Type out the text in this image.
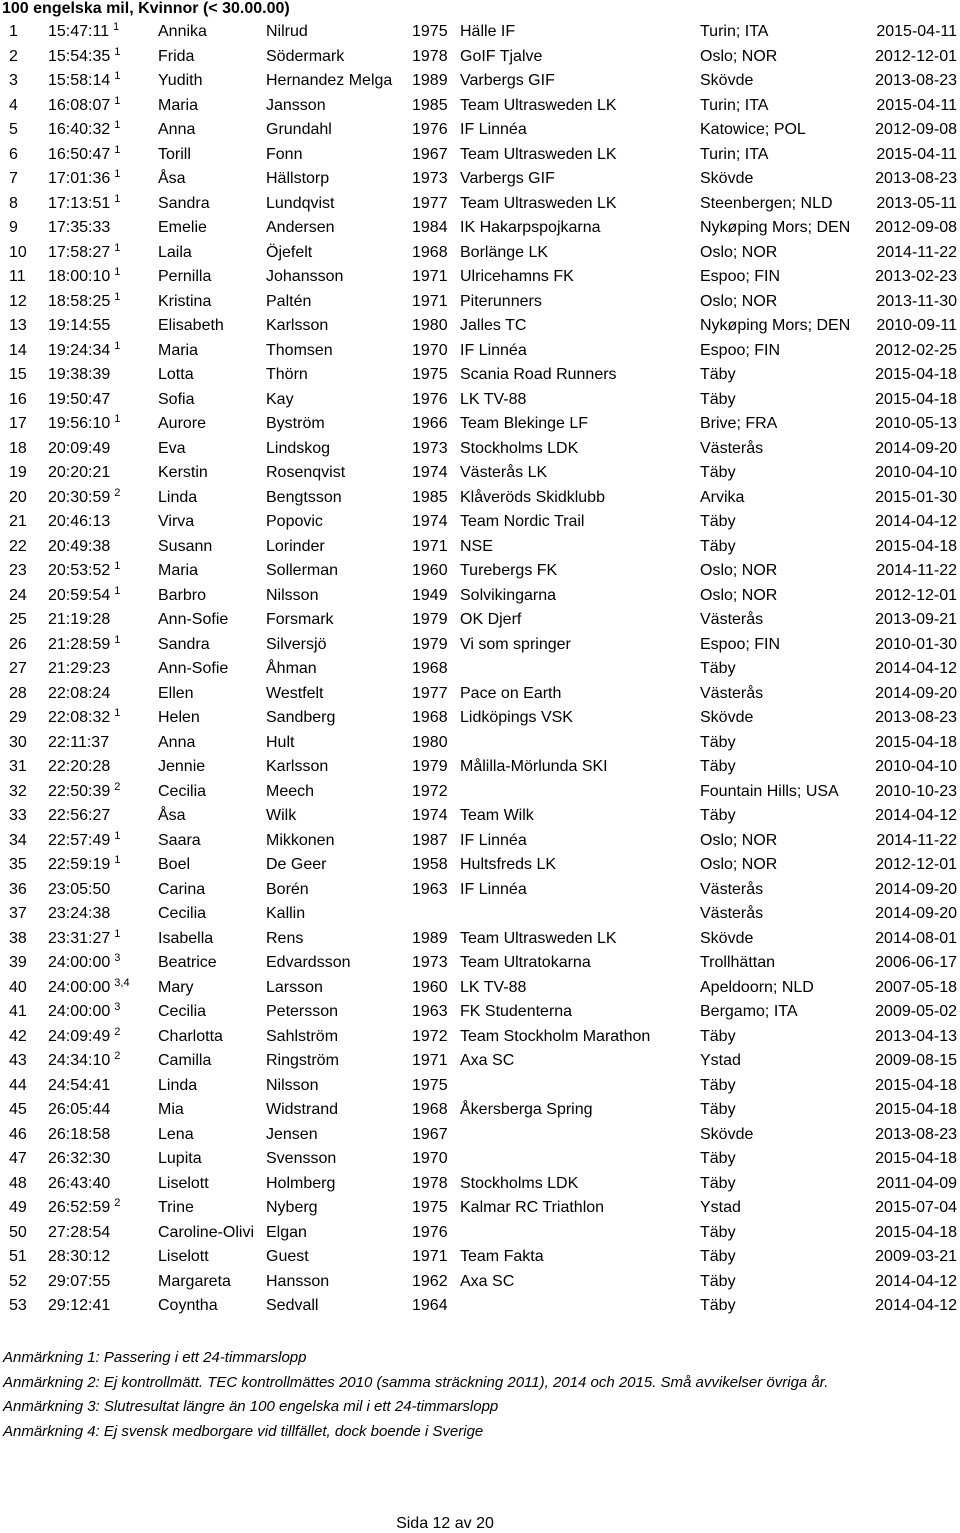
100 engelska mil, Kvinnor (< 30.00.00)
1	15:47:11 $^1$	Annika	Nilrud	1975	Hälle IF	Turin; ITA	2015-04-11
2	15:54:35 $^1$	Frida	Södermark	1978	GoIF Tjalve	Oslo; NOR	2012-12-01
3	15:58:14 $^1$	Yudith	Hernandez Melga	1989	Varbergs GIF	Skövde	2013-08-23
4	16:08:07 $^1$	Maria	Jansson	1985	Team Ultrasweden LK	Turin; ITA	2015-04-11
5	16:40:32 $^1$	Anna	Grundahl	1976	IF Linnéa	Katowice; POL	2012-09-08
6	16:50:47 $^1$	Torill	Fonn	1967	Team Ultrasweden LK	Turin; ITA	2015-04-11
7	17:01:36 $^1$	Åsa	Hällstorp	1973	Varbergs GIF	Skövde	2013-08-23
8	17:13:51 $^1$	Sandra	Lundqvist	1977	Team Ultrasweden LK	Steenbergen; NLD	2013-05-11
9	17:35:33	Emelie	Andersen	1984	IK Hakarpspojkarna	Nykøping Mors; DEN	2012-09-08
10	17:58:27 $^1$	Laila	Öjefelt	1968	Borlänge LK	Oslo; NOR	2014-11-22
11	18:00:10 $^1$	Pernilla	Johansson	1971	Ulricehamns FK	Espoo; FIN	2013-02-23
12	18:58:25 $^1$	Kristina	Paltén	1971	Piterunners	Oslo; NOR	2013-11-30
13	19:14:55	Elisabeth	Karlsson	1980	Jalles TC	Nykøping Mors; DEN	2010-09-11
14	19:24:34 $^1$	Maria	Thomsen	1970	IF Linnéa	Espoo; FIN	2012-02-25
15	19:38:39	Lotta	Thörn	1975	Scania Road Runners	Täby	2015-04-18
16	19:50:47	Sofia	Kay	1976	LK TV-88	Täby	2015-04-18
17	19:56:10 $^1$	Aurore	Byström	1966	Team Blekinge LF	Brive; FRA	2010-05-13
18	20:09:49	Eva	Lindskog	1973	Stockholms LDK	Västerås	2014-09-20
19	20:20:21	Kerstin	Rosenqvist	1974	Västerås LK	Täby	2010-04-10
20	20:30:59 $^2$	Linda	Bengtsson	1985	Klåveröds Skidklubb	Arvika	2015-01-30
21	20:46:13	Virva	Popovic	1974	Team Nordic Trail	Täby	2014-04-12
22	20:49:38	Susann	Lorinder	1971	NSE	Täby	2015-04-18
23	20:53:52 $^1$	Maria	Sollerman	1960	Turebergs FK	Oslo; NOR	2014-11-22
24	20:59:54 $^1$	Barbro	Nilsson	1949	Solvikingarna	Oslo; NOR	2012-12-01
25	21:19:28	Ann-Sofie	Forsmark	1979	OK Djerf	Västerås	2013-09-21
26	21:28:59 $^1$	Sandra	Silversjö	1979	Vi som springer	Espoo; FIN	2010-01-30
27	21:29:23	Ann-Sofie	Åhman	1968		Täby	2014-04-12
28	22:08:24	Ellen	Westfelt	1977	Pace on Earth	Västerås	2014-09-20
29	22:08:32 $^1$	Helen	Sandberg	1968	Lidköpings VSK	Skövde	2013-08-23
30	22:11:37	Anna	Hult	1980		Täby	2015-04-18
31	22:20:28	Jennie	Karlsson	1979	Målilla-Mörlunda SKI	Täby	2010-04-10
32	22:50:39 $^2$	Cecilia	Meech	1972		Fountain Hills; USA	2010-10-23
33	22:56:27	Åsa	Wilk	1974	Team Wilk	Täby	2014-04-12
34	22:57:49 $^1$	Saara	Mikkonen	1987	IF Linnéa	Oslo; NOR	2014-11-22
35	22:59:19 $^1$	Boel	De Geer	1958	Hultsfreds LK	Oslo; NOR	2012-12-01
36	23:05:50	Carina	Borén	1963	IF Linnéa	Västerås	2014-09-20
37	23:24:38	Cecilia	Kallin			Västerås	2014-09-20
38	23:31:27 $^1$	Isabella	Rens	1989	Team Ultrasweden LK	Skövde	2014-08-01
39	24:00:00 $^3$	Beatrice	Edvardsson	1973	Team Ultratokarna	Trollhättan	2006-06-17
40	24:00:00 $^{3,4}$	Mary	Larsson	1960	LK TV-88	Apeldoorn; NLD	2007-05-18
41	24:00:00 $^3$	Cecilia	Petersson	1963	FK Studenterna	Bergamo; ITA	2009-05-02
42	24:09:49 $^2$	Charlotta	Sahlström	1972	Team Stockholm Marathon	Täby	2013-04-13
43	24:34:10 $^2$	Camilla	Ringström	1971	Axa SC	Ystad	2009-08-15
44	24:54:41	Linda	Nilsson	1975		Täby	2015-04-18
45	26:05:44	Mia	Widstrand	1968	Åkersberga Spring	Täby	2015-04-18
46	26:18:58	Lena	Jensen	1967		Skövde	2013-08-23
47	26:32:30	Lupita	Svensson	1970		Täby	2015-04-18
48	26:43:40	Liselott	Holmberg	1978	Stockholms LDK	Täby	2011-04-09
49	26:52:59 $^2$	Trine	Nyberg	1975	Kalmar RC Triathlon	Ystad	2015-07-04
50	27:28:54	Caroline-Olivi	Elgan	1976		Täby	2015-04-18
51	28:30:12	Liselott	Guest	1971	Team Fakta	Täby	2009-03-21
52	29:07:55	Margareta	Hansson	1962	Axa SC	Täby	2014-04-12
53	29:12:41	Coyntha	Sedvall	1964		Täby	2014-04-12
Anmärkning 1: Passering i ett 24-timmarslopp
Anmärkning 2: Ej kontrollmätt. TEC kontrollmättes 2010 (samma sträckning 2011), 2014 och 2015. Små avvikelser övriga år.
Anmärkning 3: Slutresultat längre än 100 engelska mil i ett 24-timmarslopp
Anmärkning 4: Ej svensk medborgare vid tillfället, dock boende i Sverige
Sida 12 av 20
